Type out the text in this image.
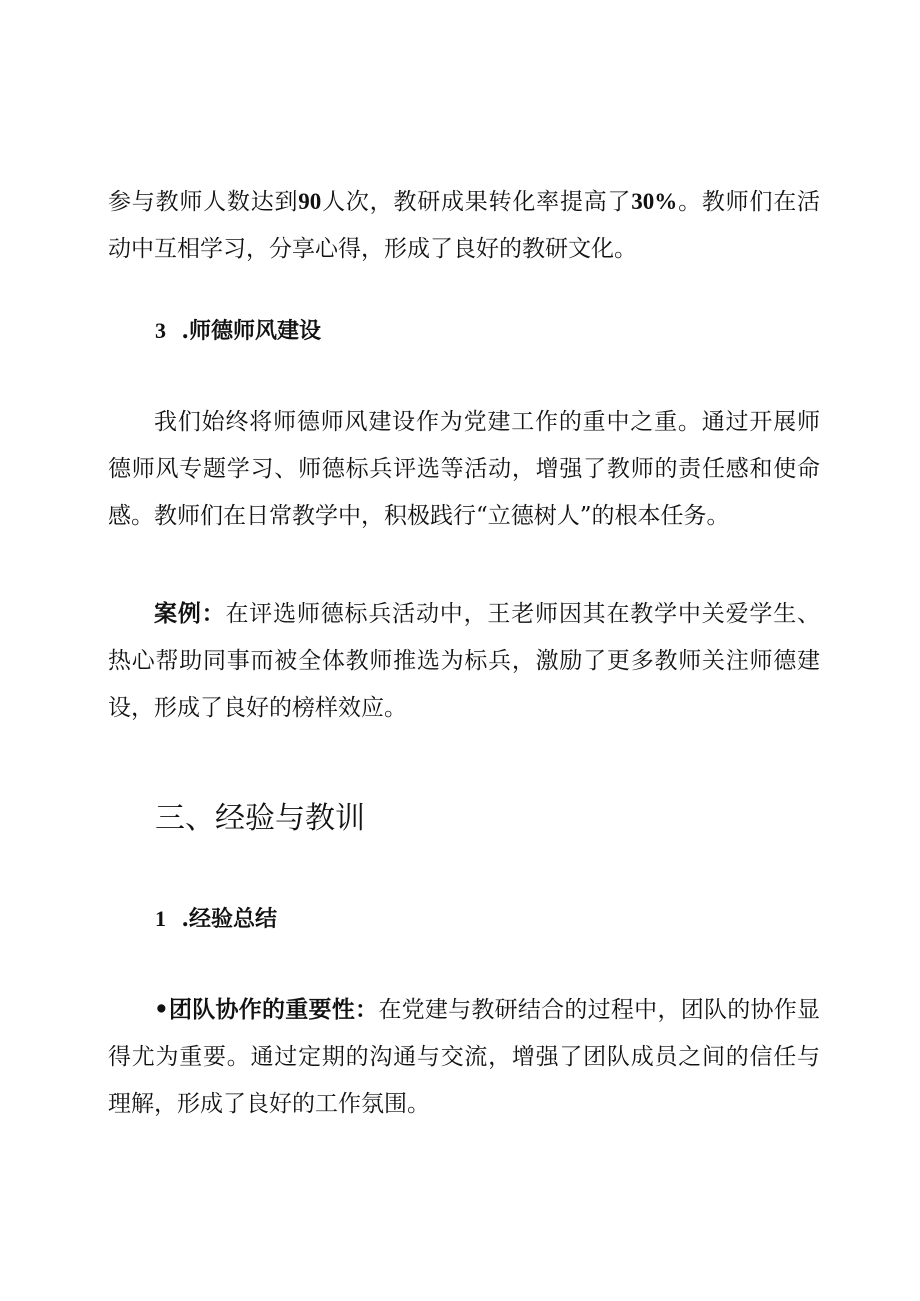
参与教师人数达到90人次，教研成果转化率提高了30%。教师们在活动中互相学习，分享心得，形成了良好的教研文化。

3 .师德师风建设

我们始终将师德师风建设作为党建工作的重中之重。通过开展师德师风专题学习、师德标兵评选等活动，增强了教师的责任感和使命感。教师们在日常教学中，积极践行“立德树人”的根本任务。

案例：在评选师德标兵活动中，王老师因其在教学中关爱学生、热心帮助同事而被全体教师推选为标兵，激励了更多教师关注师德建设，形成了良好的榜样效应。

三、经验与教训

1 .经验总结

•团队协作的重要性：在党建与教研结合的过程中，团队的协作显得尤为重要。通过定期的沟通与交流，增强了团队成员之间的信任与理解，形成了良好的工作氛围。
